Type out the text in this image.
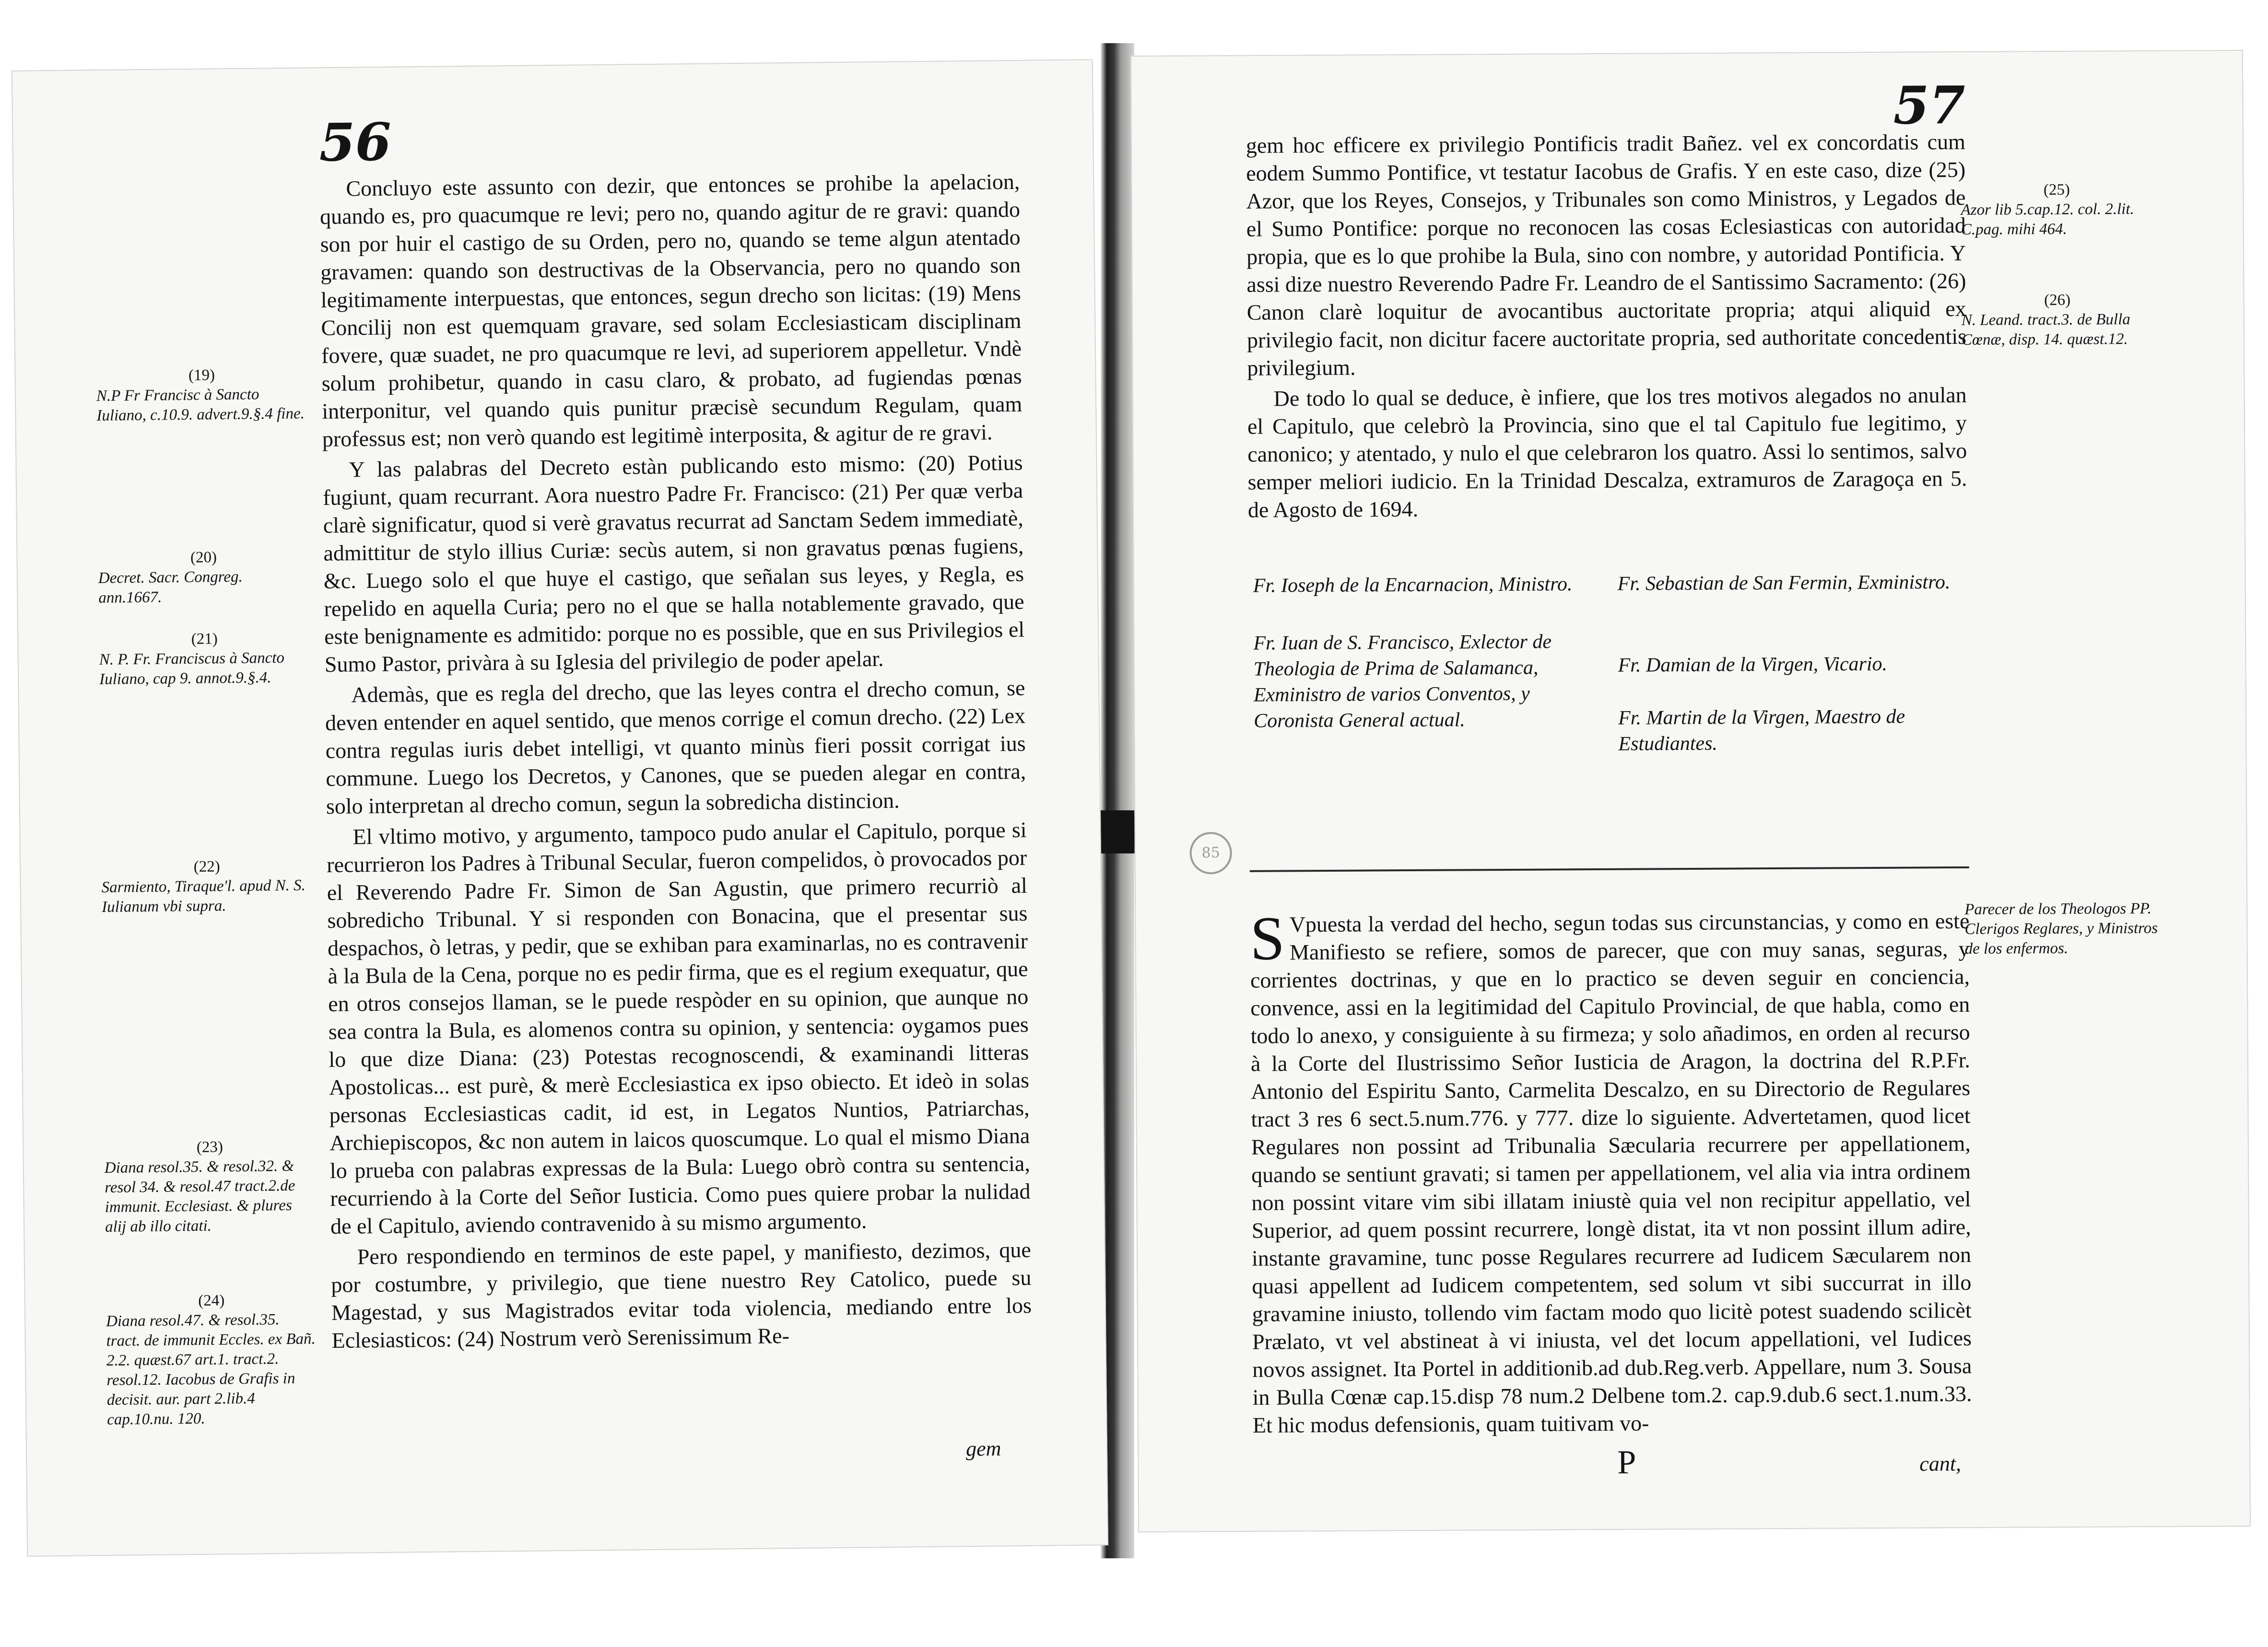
56
(19)
N.P Fr Francisc à Sancto Iuliano, c.10.9. advert.9.§.4 fine.
(20)
Decret. Sacr. Congreg. ann.1667.
(21)
N. P. Fr. Franciscus à Sancto Iuliano, cap 9. annot.9.§.4.
(22)
Sarmiento, Tiraque'l. apud N. S. Iulianum vbi supra.
(23)
Diana resol.35. & resol.32. & resol 34. & resol.47 tract.2.de immunit. Ecclesiast. & plures alij ab illo citati.
(24)
Diana resol.47. & resol.35. tract. de immunit Eccles. ex Bañ. 2.2. quæst.67 art.1. tract.2. resol.12. Iacobus de Grafis in decisit. aur. part 2.lib.4 cap.10.nu. 120.

Concluyo este assunto con dezir, que entonces se prohibe la apelacion, quando es, pro quacumque re levi; pero no, quando agitur de re gravi: quando son por huir el castigo de su Orden, pero no, quando se teme algun atentado gravamen: quando son destructivas de la Observancia, pero no quando son legitimamente interpuestas, que entonces, segun drecho son licitas: (19) Mens Concilij non est quemquam gravare, sed solam Ecclesiasticam disciplinam fovere, quæ suadet, ne pro quacumque re levi, ad superiorem appelletur. Vndè solum prohibetur, quando in casu claro, & probato, ad fugiendas pœnas interponitur, vel quando quis punitur præcisè secundum Regulam, quam professus est; non verò quando est legitimè interposita, & agitur de re gravi.

Y las palabras del Decreto estàn publicando esto mismo: (20) Potius fugiunt, quam recurrant. Aora nuestro Padre Fr. Francisco: (21) Per quæ verba clarè significatur, quod si verè gravatus recurrat ad Sanctam Sedem immediatè, admittitur de stylo illius Curiæ: secùs autem, si non gravatus pœnas fugiens, &c. Luego solo el que huye el castigo, que señalan sus leyes, y Regla, es repelido en aquella Curia; pero no el que se halla notablemente gravado, que este benignamente es admitido: porque no es possible, que en sus Privilegios el Sumo Pastor, privàra à su Iglesia del privilegio de poder apelar.

Ademàs, que es regla del drecho, que las leyes contra el drecho comun, se deven entender en aquel sentido, que menos corrige el comun drecho. (22) Lex contra regulas iuris debet intelligi, vt quanto minùs fieri possit corrigat ius commune. Luego los Decretos, y Canones, que se pueden alegar en contra, solo interpretan al drecho comun, segun la sobredicha distincion.

El vltimo motivo, y argumento, tampoco pudo anular el Capitulo, porque si recurrieron los Padres à Tribunal Secular, fueron compelidos, ò provocados por el Reverendo Padre Fr. Simon de San Agustin, que primero recurriò al sobredicho Tribunal. Y si responden con Bonacina, que el presentar sus despachos, ò letras, y pedir, que se exhiban para examinarlas, no es contravenir à la Bula de la Cena, porque no es pedir firma, que es el regium exequatur, que en otros consejos llaman, se le puede respòder en su opinion, que aunque no sea contra la Bula, es alomenos contra su opinion, y sentencia: oygamos pues lo que dize Diana: (23) Potestas recognoscendi, & examinandi litteras Apostolicas... est purè, & merè Ecclesiastica ex ipso obiecto. Et ideò in solas personas Ecclesiasticas cadit, id est, in Legatos Nuntios, Patriarchas, Archiepiscopos, &c non autem in laicos quoscumque. Lo qual el mismo Diana lo prueba con palabras expressas de la Bula: Luego obrò contra su sentencia, recurriendo à la Corte del Señor Iusticia. Como pues quiere probar la nulidad de el Capitulo, aviendo contravenido à su mismo argumento.

Pero respondiendo en terminos de este papel, y manifiesto, dezimos, que por costumbre, y privilegio, que tiene nuestro Rey Catolico, puede su Magestad, y sus Magistrados evitar toda violencia, mediando entre los Eclesiasticos: (24) Nostrum verò Serenissimum Re-

gem
57

gem hoc efficere ex privilegio Pontificis tradit Bañez. vel ex concordatis cum eodem Summo Pontifice, vt testatur Iacobus de Grafis. Y en este caso, dize (25) Azor, que los Reyes, Consejos, y Tribunales son como Ministros, y Legados de el Sumo Pontifice: porque no reconocen las cosas Eclesiasticas con autoridad propia, que es lo que prohibe la Bula, sino con nombre, y autoridad Pontificia. Y assi dize nuestro Reverendo Padre Fr. Leandro de el Santissimo Sacramento: (26) Canon clarè loquitur de avocantibus auctoritate propria; atqui aliquid ex privilegio facit, non dicitur facere auctoritate propria, sed authoritate concedentis privilegium.

De todo lo qual se deduce, è infiere, que los tres motivos alegados no anulan el Capitulo, que celebrò la Provincia, sino que el tal Capitulo fue legitimo, y canonico; y atentado, y nulo el que celebraron los quatro. Assi lo sentimos, salvo semper meliori iudicio. En la Trinidad Descalza, extramuros de Zaragoça en 5. de Agosto de 1694.

(25)
Azor lib 5.cap.12. col. 2.lit. C.pag. mihi 464.
(26)
N. Leand. tract.3. de Bulla Cœnæ, disp. 14. quæst.12.
Fr. Ioseph de la Encarnacion, Ministro.
Fr. Iuan de S. Francisco, Exlector de Theologia de Prima de Salamanca, Exministro de varios Conventos, y Coronista General actual.
Fr. Sebastian de San Fermin, Exministro.
Fr. Damian de la Virgen, Vicario.
Fr. Martin de la Virgen, Maestro de Estudiantes.
85
Parecer de los Theologos PP. Clerigos Reglares, y Ministros de los enfermos.
S Vpuesta la verdad del hecho, segun todas sus circunstancias, y como en este Manifiesto se refiere, somos de parecer, que con muy sanas, seguras, y corrientes doctrinas, y que en lo practico se deven seguir en conciencia, convence, assi en la legitimidad del Capitulo Provincial, de que habla, como en todo lo anexo, y consiguiente à su firmeza; y solo añadimos, en orden al recurso à la Corte del Ilustrissimo Señor Iusticia de Aragon, la doctrina del R.P.Fr. Antonio del Espiritu Santo, Carmelita Descalzo, en su Directorio de Regulares tract 3 res 6 sect.5.num.776. y 777. dize lo siguiente. Advertetamen, quod licet Regulares non possint ad Tribunalia Sæcularia recurrere per appellationem, quando se sentiunt gravati; si tamen per appellationem, vel alia via intra ordinem non possint vitare vim sibi illatam iniustè quia vel non recipitur appellatio, vel Superior, ad quem possint recurrere, longè distat, ita vt non possint illum adire, instante gravamine, tunc posse Regulares recurrere ad Iudicem Sæcularem non quasi appellent ad Iudicem competentem, sed solum vt sibi succurrat in illo gravamine iniusto, tollendo vim factam modo quo licitè potest suadendo scilicèt Prælato, vt vel abstineat à vi iniusta, vel det locum appellationi, vel Iudices novos assignet. Ita Portel in additionib.ad dub.Reg.verb. Appellare, num 3. Sousa in Bulla Cœnæ cap.15.disp 78 num.2 Delbene tom.2. cap.9.dub.6 sect.1.num.33. Et hic modus defensionis, quam tuitivam vo-
P	cant,
